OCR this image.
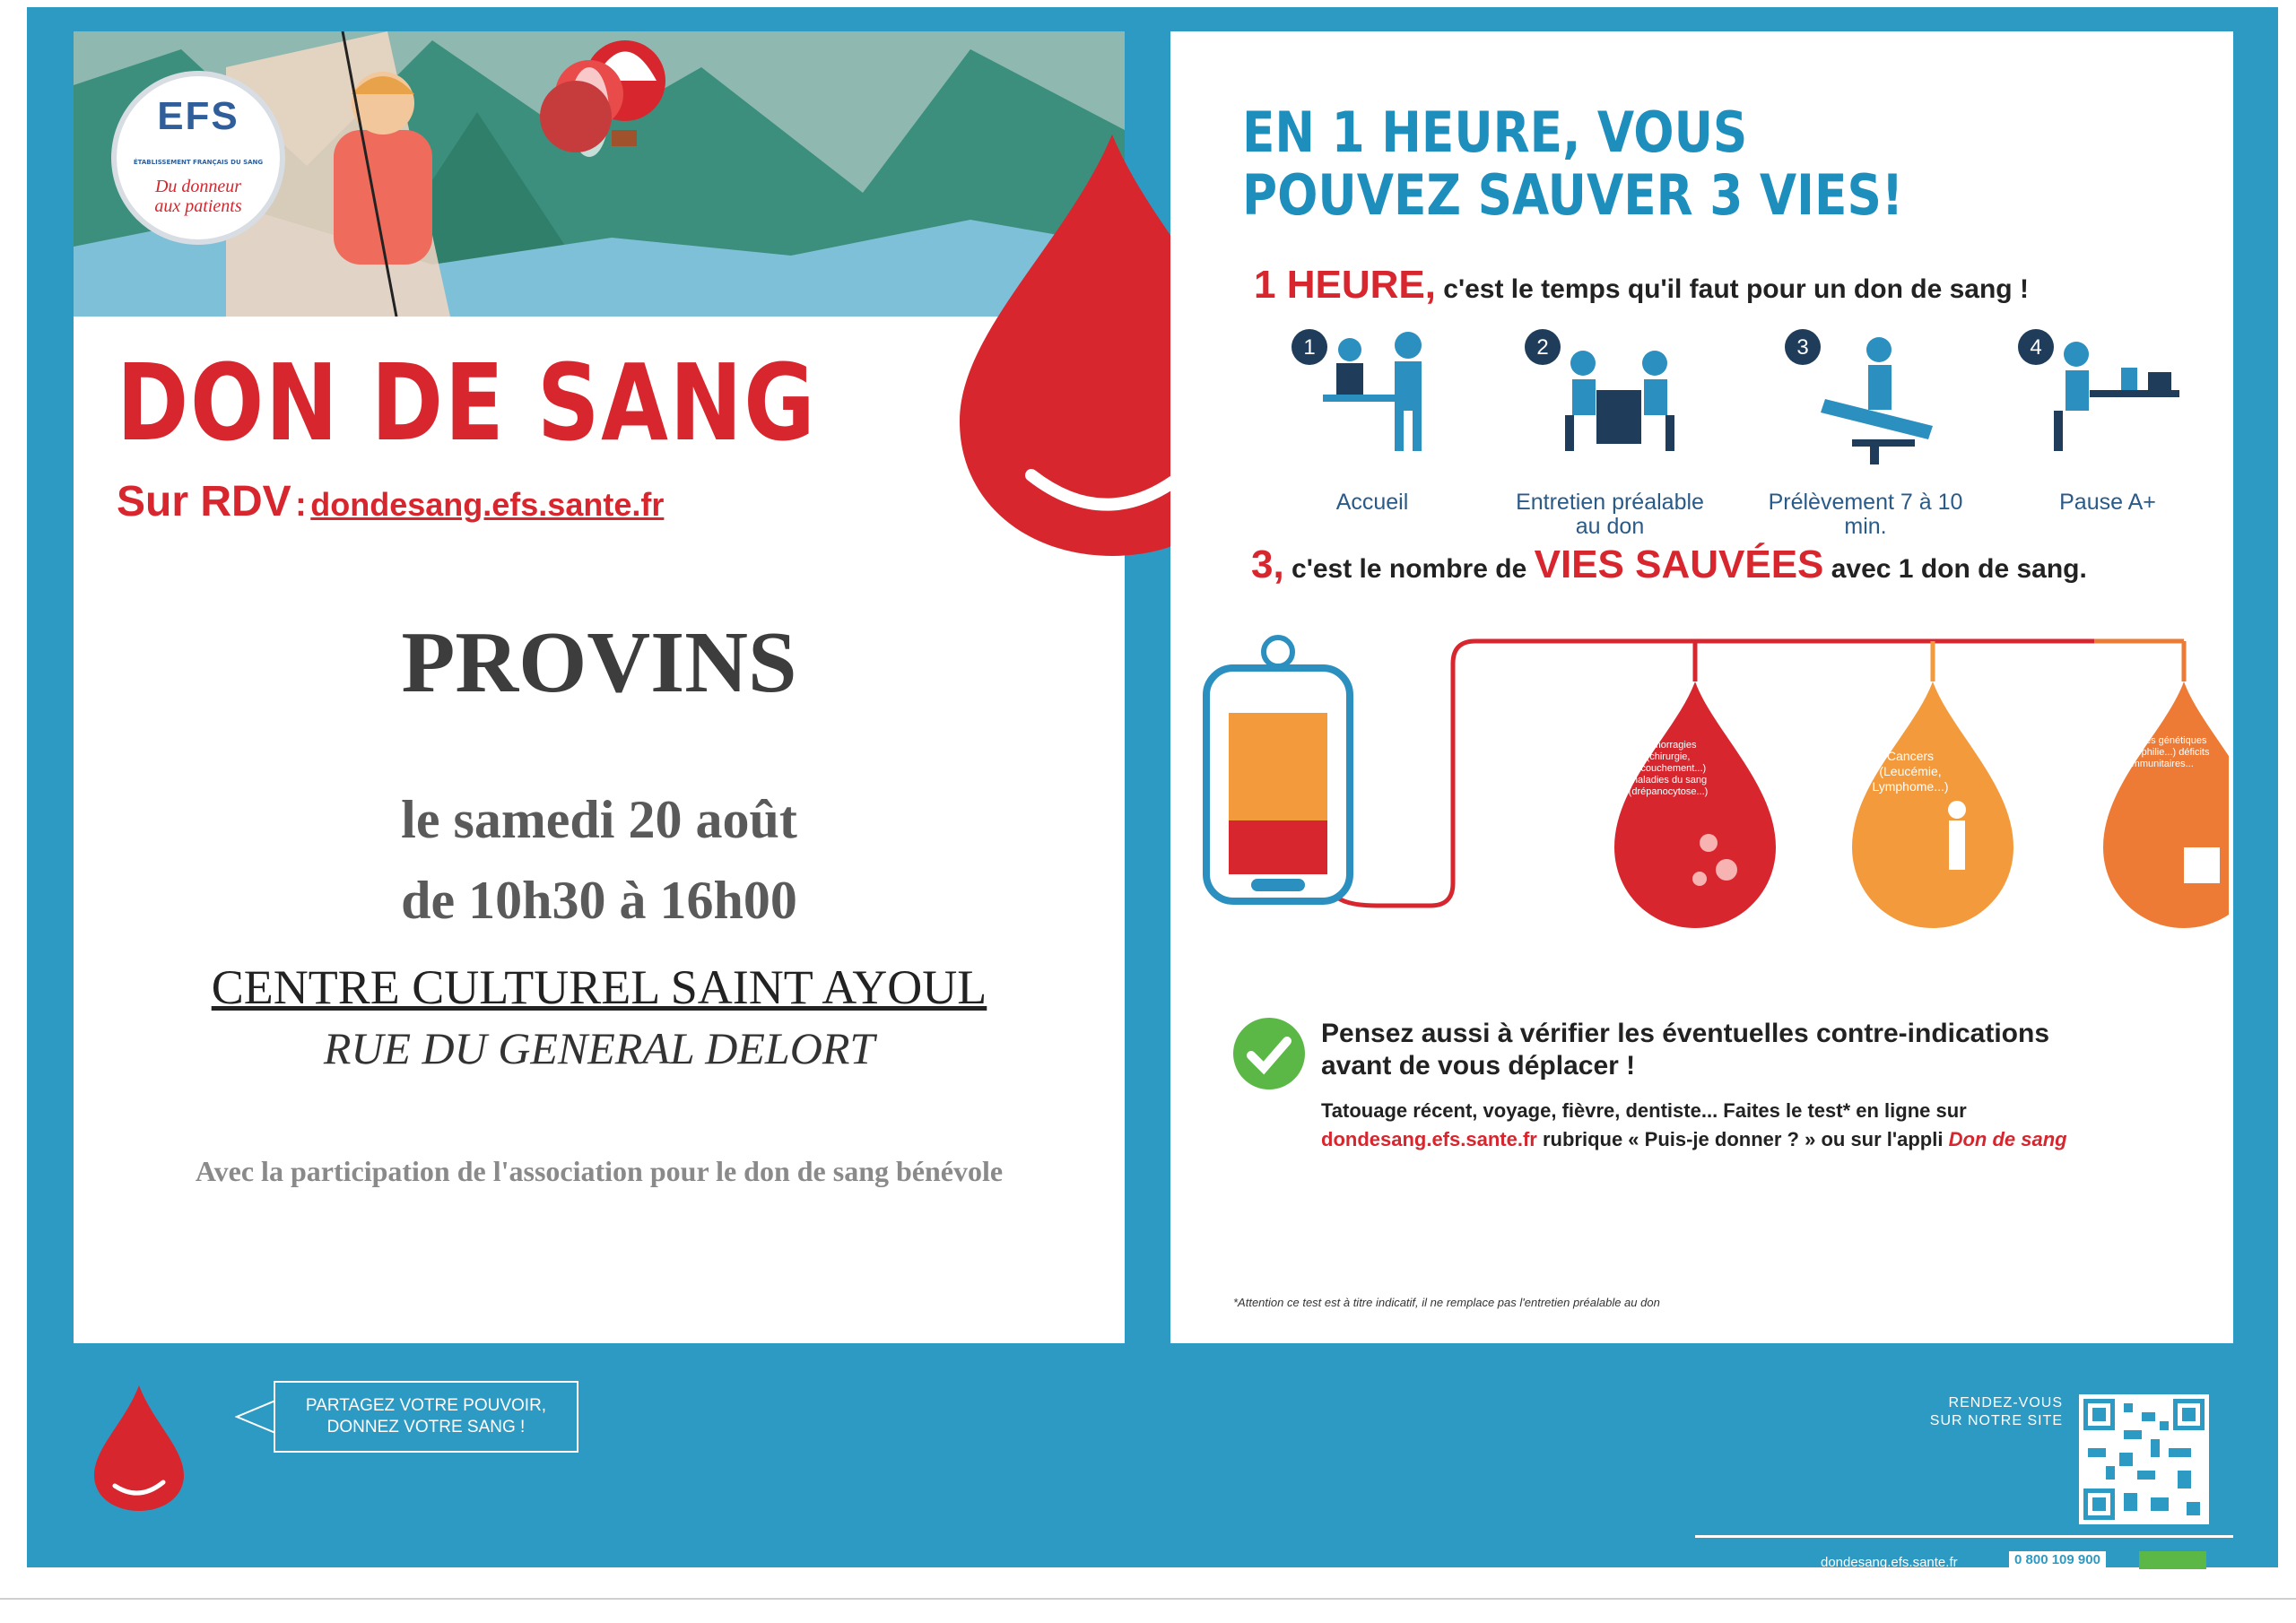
EFS
ÉTABLISSEMENT FRANÇAIS DU SANG
Du donneur
aux patients
DON DE SANG
Sur RDV : dondesang.efs.sante.fr
PROVINS
le samedi 20 août
de 10h30 à 16h00
CENTRE CULTUREL SAINT AYOUL
RUE DU GENERAL DELORT
Avec la participation de l'association pour le don de sang bénévole
EN 1 HEURE, VOUS
POUVEZ SAUVER 3 VIES!
1 HEURE, c'est le temps qu'il faut pour un don de sang !
1
Accueil
2
Entretien préalable au don
3
Prélèvement 7 à 10 min.
4
Pause A+
3, c'est le nombre de VIES SAUVÉES avec 1 don de sang.
Hémorragies (chirurgie, accouchement...) maladies du sang (drépanocytose...)
Cancers (Leucémie, Lymphome...)
Maladies génétiques (hémophilie...) déficits immunitaires...
Globules
rouges
Plaquettes	Plasma
Pensez aussi à vérifier les éventuelles contre-indications
avant de vous déplacer !
Tatouage récent, voyage, fièvre, dentiste... Faites le test* en ligne sur
dondesang.efs.sante.fr rubrique « Puis-je donner ? » ou sur l'appli Don de sang
*Attention ce test est à titre indicatif, il ne remplace pas l'entretien préalable au don
PARTAGEZ VOTRE POUVOIR,
DONNEZ VOTRE SANG !
RENDEZ-VOUS
SUR NOTRE SITE
dondesang.efs.sante.fr	0 800 109 900
